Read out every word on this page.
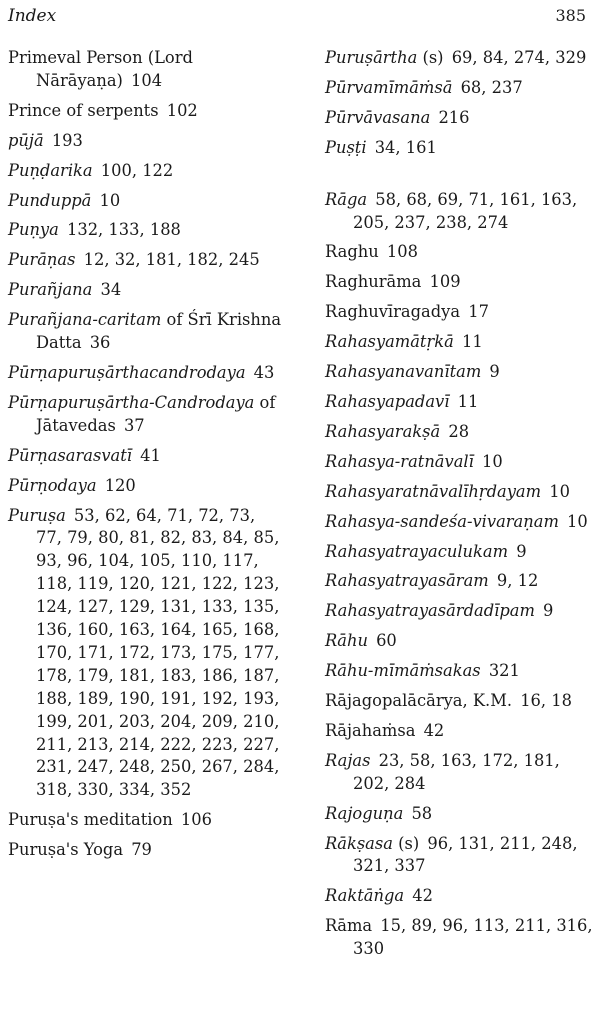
Index	385
Primeval Person (Lord Nārāyaṇa)  104
Prince of serpents  102
pūjā  193
Puṇḍarika  100, 122
Punduppā  10
Puṇya  132, 133, 188
Purāṇas  12, 32, 181, 182, 245
Purañjana  34
Purañjana-caritam of Śrī Krishna Datta  36
Pūrṇapuruṣārthacandrodaya  43
Pūrṇapuruṣārtha-Candrodaya of Jātavedas  37
Pūrṇasarasvatī  41
Pūrṇodaya  120
Puruṣa  53, 62, 64, 71, 72, 73, 77, 79, 80, 81, 82, 83, 84, 85, 93, 96, 104, 105, 110, 117, 118, 119, 120, 121, 122, 123, 124, 127, 129, 131, 133, 135, 136, 160, 163, 164, 165, 168, 170, 171, 172, 173, 175, 177, 178, 179, 181, 183, 186, 187, 188, 189, 190, 191, 192, 193, 199, 201, 203, 204, 209, 210, 211, 213, 214, 222, 223, 227, 231, 247, 248, 250, 267, 284, 318, 330, 334, 352
Puruṣa's meditation  106
Puruṣa's Yoga  79
Puruṣārtha (s)  69, 84, 274, 329
Pūrvamīmāṁsā  68, 237
Pūrvāvasana  216
Puṣṭi  34, 161
Rāga  58, 68, 69, 71, 161, 163, 205, 237, 238, 274
Raghu  108
Raghurāma  109
Raghuvīragadya  17
Rahasyamātṛkā  11
Rahasyanavanītam  9
Rahasyapadavī  11
Rahasyarakṣā  28
Rahasya-ratnāvalī  10
Rahasyaratnāvalīhṛdayam  10
Rahasya-sandeśa-vivaraṇam  10
Rahasyatrayaculukam  9
Rahasyatrayasāram  9, 12
Rahasyatrayasārdadīpam  9
Rāhu  60
Rāhu-mīmāṁsakas  321
Rājagopalācārya, K.M.  16, 18
Rājahaṁsa  42
Rajas  23, 58, 163, 172, 181, 202, 284
Rajoguṇa  58
Rākṣasa (s)  96, 131, 211, 248, 321, 337
Raktāṅga  42
Rāma  15, 89, 96, 113, 211, 316, 330
